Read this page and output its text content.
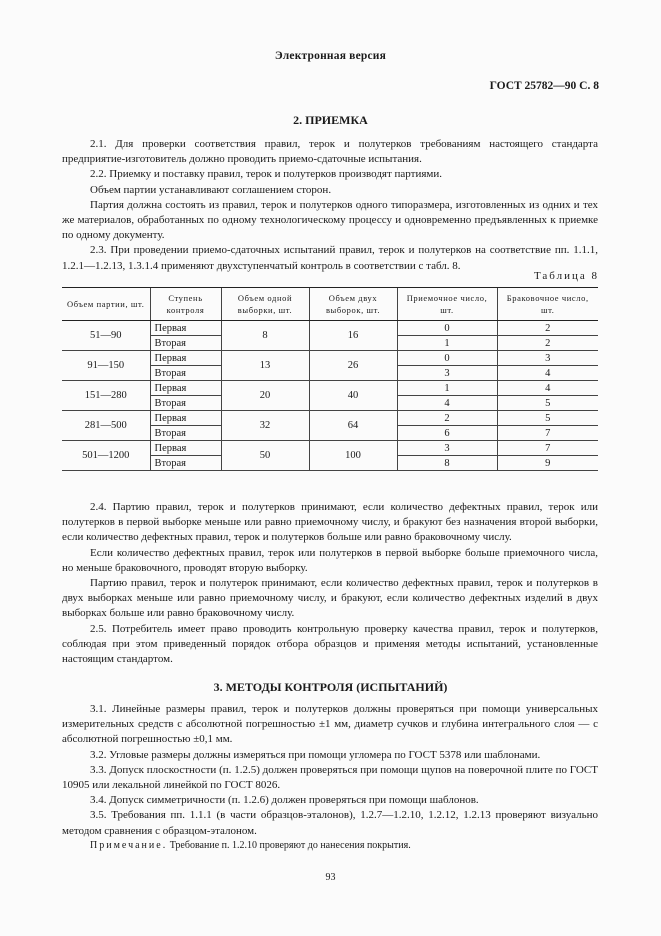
Электронная версия
ГОСТ 25782—90 С. 8
2. ПРИЕМКА

2.1. Для проверки соответствия правил, терок и полутерков требованиям настоящего стандарта предприятие-изготовитель должно проводить приемо-сдаточные испытания.

2.2. Приемку и поставку правил, терок и полутерков производят партиями.

Объем партии устанавливают соглашением сторон.

Партия должна состоять из правил, терок и полутерков одного типоразмера, изготовленных из одних и тех же материалов, обработанных по одному технологическому процессу и одновременно предъявленных к приемке по одному документу.

2.3. При проведении приемо-сдаточных испытаний правил, терок и полутерков на соответствие пп. 1.1.1, 1.2.1—1.2.13, 1.3.1.4 применяют двухступенчатый контроль в соответствии с табл. 8.

Таблица 8
Объем партии, шт.	Ступень контроля	Объем одной выборки, шт.	Объем двух выборок, шт.	Приемочное число, шт.	Браковочное число, шт.
51—90	Первая	8	16	0	2
	Вторая			1	2
91—150	Первая	13	26	0	3
	Вторая			3	4
151—280	Первая	20	40	1	4
	Вторая			4	5
281—500	Первая	32	64	2	5
	Вторая			6	7
501—1200	Первая	50	100	3	7
	Вторая			8	9

2.4. Партию правил, терок и полутерков принимают, если количество дефектных правил, терок или полутерков в первой выборке меньше или равно приемочному числу, и бракуют без назначения второй выборки, если количество дефектных правил, терок и полутерков больше или равно браковочному числу.

Если количество дефектных правил, терок или полутерков в первой выборке больше приемочного числа, но меньше браковочного, проводят вторую выборку.

Партию правил, терок и полутерок принимают, если количество дефектных правил, терок и полутерков в двух выборках меньше или равно приемочному числу, и бракуют, если количество дефектных изделий в двух выборках больше или равно браковочному числу.

2.5. Потребитель имеет право проводить контрольную проверку качества правил, терок и полутерков, соблюдая при этом приведенный порядок отбора образцов и применяя методы испытаний, установленные настоящим стандартом.

3. МЕТОДЫ КОНТРОЛЯ (ИСПЫТАНИЙ)

3.1. Линейные размеры правил, терок и полутерков должны проверяться при помощи универсальных измерительных средств с абсолютной погрешностью ±1 мм, диаметр сучков и глубина интегрального слоя — с абсолютной погрешностью ±0,1 мм.

3.2. Угловые размеры должны измеряться при помощи угломера по ГОСТ 5378 или шаблонами.

3.3. Допуск плоскостности (п. 1.2.5) должен проверяться при помощи щупов на поверочной плите по ГОСТ 10905 или лекальной линейкой по ГОСТ 8026.

3.4. Допуск симметричности (п. 1.2.6) должен проверяться при помощи шаблонов.

3.5. Требования пп. 1.1.1 (в части образцов-эталонов), 1.2.7—1.2.10, 1.2.12, 1.2.13 проверяют визуально методом сравнения с образцом-эталоном.

Примечание. Требование п. 1.2.10 проверяют до нанесения покрытия.
93
